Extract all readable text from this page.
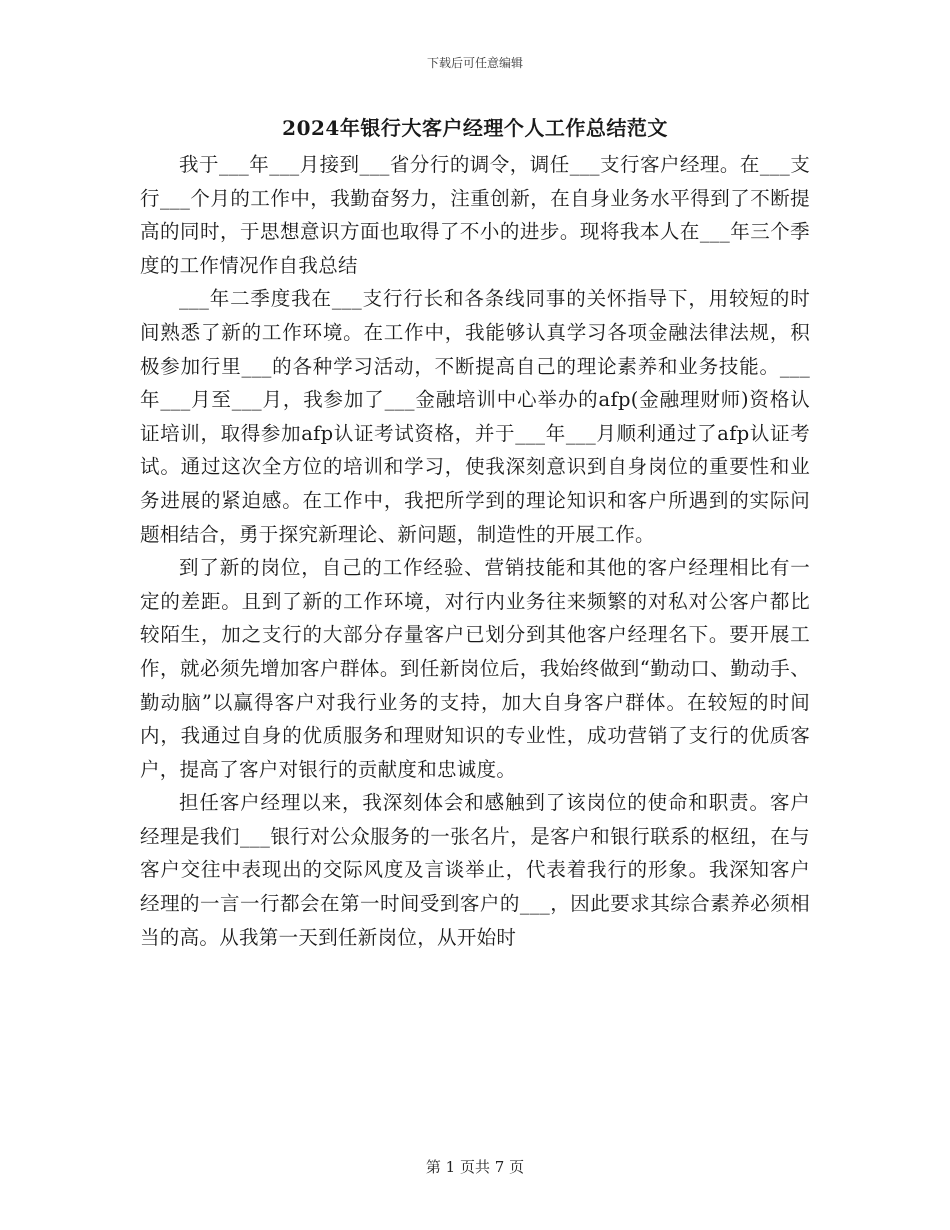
下载后可任意编辑
2024年银行大客户经理个人工作总结范文

我于___年___月接到___省分行的调令，调任___支行客户经理。在___支行___个月的工作中，我勤奋努力，注重创新，在自身业务水平得到了不断提高的同时，于思想意识方面也取得了不小的进步。现将我本人在___年三个季度的工作情况作自我总结

___年二季度我在___支行行长和各条线同事的关怀指导下，用较短的时间熟悉了新的工作环境。在工作中，我能够认真学习各项金融法律法规，积极参加行里___的各种学习活动，不断提高自己的理论素养和业务技能。___年___月至___月，我参加了___金融培训中心举办的afp(金融理财师)资格认证培训，取得参加afp认证考试资格，并于___年___月顺利通过了afp认证考试。通过这次全方位的培训和学习，使我深刻意识到自身岗位的重要性和业务进展的紧迫感。在工作中，我把所学到的理论知识和客户所遇到的实际问题相结合，勇于探究新理论、新问题，制造性的开展工作。

到了新的岗位，自己的工作经验、营销技能和其他的客户经理相比有一定的差距。且到了新的工作环境，对行内业务往来频繁的对私对公客户都比较陌生，加之支行的大部分存量客户已划分到其他客户经理名下。要开展工作，就必须先增加客户群体。到任新岗位后，我始终做到“勤动口、勤动手、勤动脑”以赢得客户对我行业务的支持，加大自身客户群体。在较短的时间内，我通过自身的优质服务和理财知识的专业性，成功营销了支行的优质客户，提高了客户对银行的贡献度和忠诚度。

担任客户经理以来，我深刻体会和感触到了该岗位的使命和职责。客户经理是我们___银行对公众服务的一张名片，是客户和银行联系的枢纽，在与客户交往中表现出的交际风度及言谈举止，代表着我行的形象。我深知客户经理的一言一行都会在第一时间受到客户的___，因此要求其综合素养必须相当的高。从我第一天到任新岗位，从开始时

第 1 页共 7 页
